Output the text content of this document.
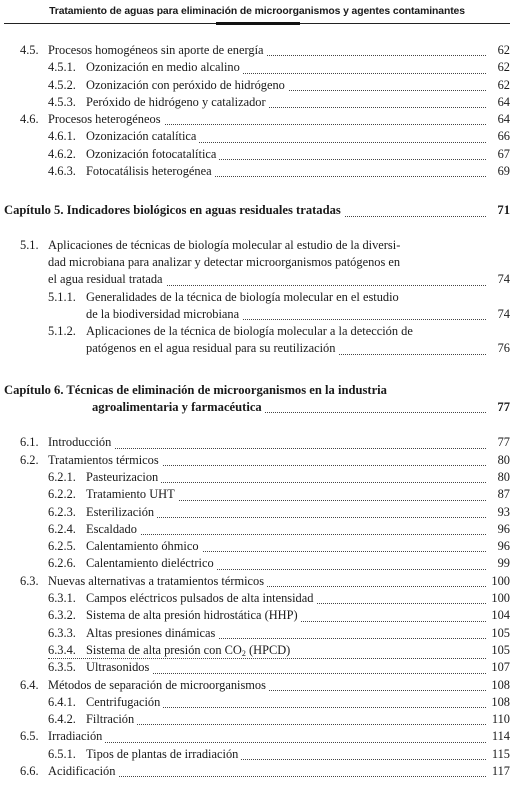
Tratamiento de aguas para eliminación de microorganismos y agentes contaminantes
4.5. Procesos homogéneos sin aporte de energía	62
4.5.1. Ozonización en medio alcalino	62
4.5.2. Ozonización con peróxido de hidrógeno	62
4.5.3. Peróxido de hidrógeno y catalizador	64
4.6. Procesos heterogéneos	64
4.6.1. Ozonización catalítica	66
4.6.2. Ozonización fotocatalítica	67
4.6.3. Fotocatálisis heterogénea	69
Capítulo 5. Indicadores biológicos en aguas residuales tratadas	71
5.1. Aplicaciones de técnicas de biología molecular al estudio de la diversi-
dad microbiana para analizar y detectar microorganismos patógenos en
el agua residual tratada	74
5.1.1. Generalidades de la técnica de biología molecular en el estudio
de la biodiversidad microbiana	74
5.1.2. Aplicaciones de la técnica de biología molecular a la detección de
patógenos en el agua residual para su reutilización	76
Capítulo 6. Técnicas de eliminación de microorganismos en la industria
agroalimentaria y farmacéutica	77
6.1. Introducción	77
6.2. Tratamientos térmicos	80
6.2.1. Pasteurizacion	80
6.2.2. Tratamiento UHT	87
6.2.3. Esterilización	93
6.2.4. Escaldado	96
6.2.5. Calentamiento óhmico	96
6.2.6. Calentamiento dieléctrico	99
6.3. Nuevas alternativas a tratamientos térmicos	100
6.3.1. Campos eléctricos pulsados de alta intensidad	100
6.3.2. Sistema de alta presión hidrostática (HHP)	104
6.3.3. Altas presiones dinámicas	105
6.3.4. Sistema de alta presión con $CO_2$ (HPCD)	105
6.3.5. Ultrasonidos	107
6.4. Métodos de separación de microorganismos	108
6.4.1. Centrifugación	108
6.4.2. Filtración	110
6.5. Irradiación	114
6.5.1. Tipos de plantas de irradiación	115
6.6. Acidificación	117
